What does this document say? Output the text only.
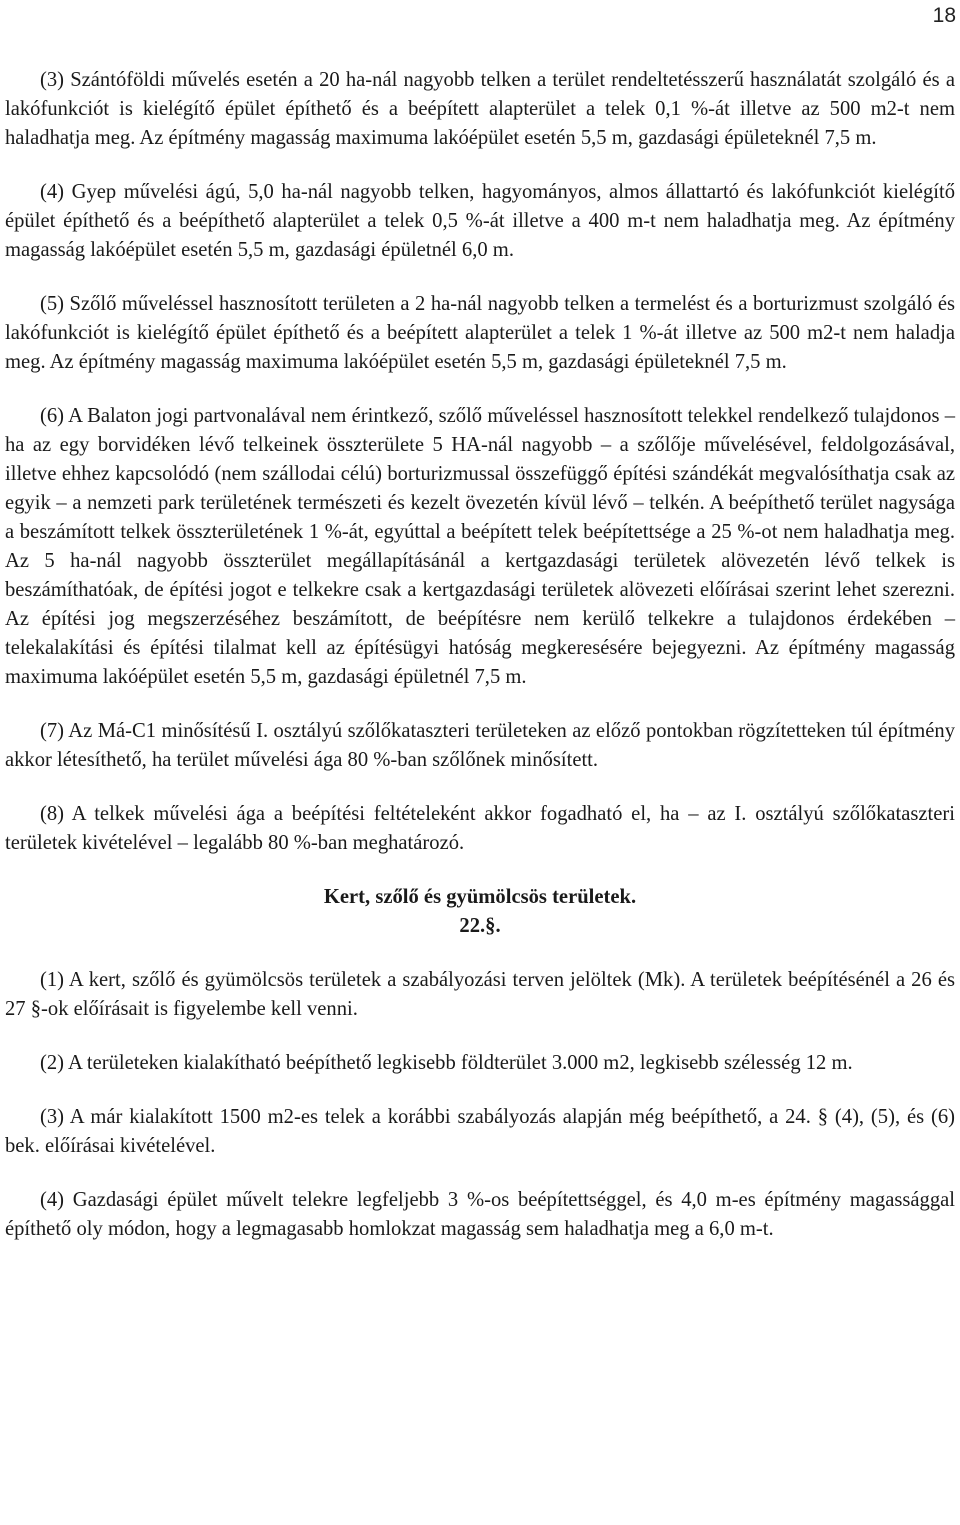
18

(3) Szántóföldi művelés esetén a 20 ha-nál nagyobb telken a terület rendeltetésszerű használatát szolgáló és a lakófunkciót is kielégítő épület építhető és a beépített alapterület a telek 0,1 %-át illetve az 500 m2-t nem haladhatja meg. Az építmény magasság maximuma lakóépület esetén 5,5 m, gazdasági épületeknél 7,5 m.

(4) Gyep művelési ágú, 5,0 ha-nál nagyobb telken, hagyományos, almos állattartó és lakófunkciót kielégítő épület építhető és a beépíthető alapterület a telek 0,5 %-át illetve a 400 m-t nem haladhatja meg. Az építmény magasság lakóépület esetén 5,5 m, gazdasági épületnél 6,0 m.

(5) Szőlő műveléssel hasznosított területen a 2 ha-nál nagyobb telken a termelést és a borturizmust szolgáló és lakófunkciót is kielégítő épület építhető és a beépített alapterület a telek 1 %-át illetve az 500 m2-t nem haladja meg. Az építmény magasság maximuma lakóépület esetén 5,5 m, gazdasági épületeknél 7,5 m.

(6) A Balaton jogi partvonalával nem érintkező, szőlő műveléssel hasznosított telekkel rendelkező tulajdonos – ha az egy borvidéken lévő telkeinek összterülete 5 HA-nál nagyobb – a szőlője művelésével, feldolgozásával, illetve ehhez kapcsolódó (nem szállodai célú) borturizmussal összefüggő építési szándékát megvalósíthatja csak az egyik – a nemzeti park területének természeti és kezelt övezetén kívül lévő – telkén. A beépíthető terület nagysága a beszámított telkek összterületének 1 %-át, egyúttal a beépített telek beépítettsége a 25 %-ot nem haladhatja meg. Az 5 ha-nál nagyobb összterület megállapításánál a kertgazdasági területek alövezetén lévő telkek is beszámíthatóak, de építési jogot e telkekre csak a kertgazdasági területek alövezeti előírásai szerint lehet szerezni. Az építési jog megszerzéséhez beszámított, de beépítésre nem kerülő telkekre a tulajdonos érdekében – telekalakítási és építési tilalmat kell az építésügyi hatóság megkeresésére bejegyezni. Az építmény magasság maximuma lakóépület esetén 5,5 m, gazdasági épületnél 7,5 m.

(7) Az Má-C1 minősítésű I. osztályú szőlőkataszteri területeken az előző pontokban rögzítetteken túl építmény akkor létesíthető, ha terület művelési ága 80 %-ban szőlőnek minősített.

(8) A telkek művelési ága a beépítési feltételeként akkor fogadható el, ha – az I. osztályú szőlőkataszteri területek kivételével – legalább 80 %-ban meghatározó.

Kert, szőlő és gyümölcsös területek.

22.§.

(1) A kert, szőlő és gyümölcsös területek a szabályozási terven jelöltek (Mk). A területek beépítésénél a 26 és 27 §-ok előírásait is figyelembe kell venni.

(2) A területeken kialakítható beépíthető legkisebb földterület 3.000 m2, legkisebb szélesség 12 m.

(3) A már kialakított 1500 m2-es telek a korábbi szabályozás alapján még beépíthető, a 24. § (4), (5), és (6) bek. előírásai kivételével.

(4) Gazdasági épület művelt telekre legfeljebb 3 %-os beépítettséggel, és 4,0 m-es építmény magassággal építhető oly módon, hogy a legmagasabb homlokzat magasság sem haladhatja meg a 6,0 m-t.
